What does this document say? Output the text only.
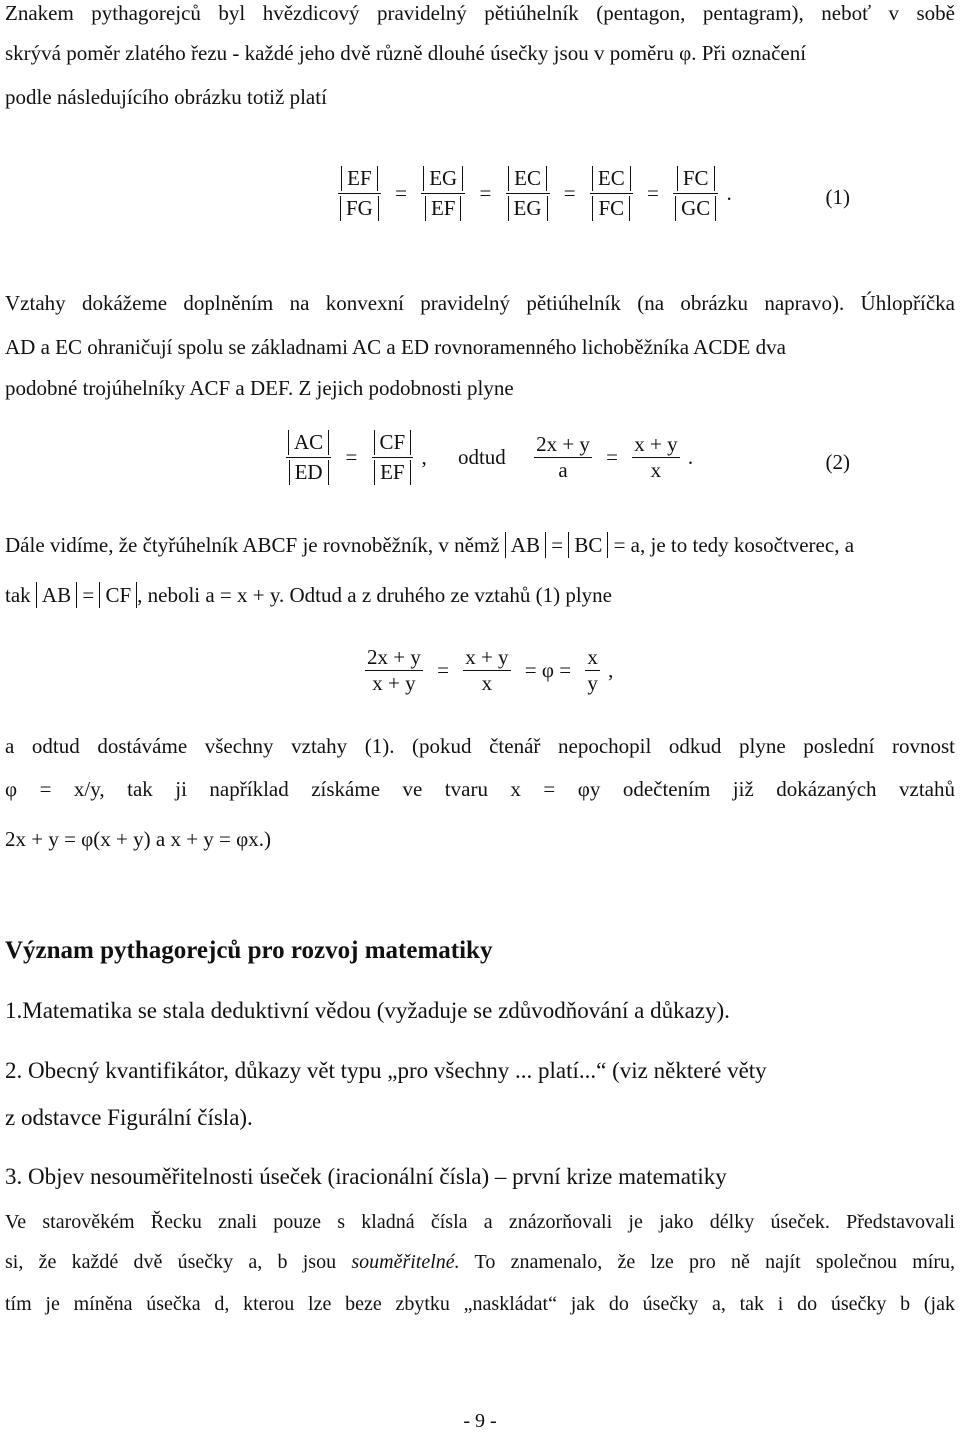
Znakem pythagorejců byl hvězdicový pravidelný pětiúhelník (pentagon, pentagram), neboť v sobě
skrývá poměr zlatého řezu - každé jeho dvě různě dlouhé úsečky jsou v poměru φ. Při označení
podle následujícího obrázku totiž platí
$\frac{EF}{FG} = \frac{EG}{EF} = \frac{EC}{EG} = \frac{EC}{FC} = \frac{FC}{GC}$ .	(1)
Vztahy dokážeme doplněním na konvexní pravidelný pětiúhelník (na obrázku napravo). Úhlopříčka
AD a EC ohraničují spolu se základnami AC a ED rovnoramenného lichoběžníka ACDE dva
podobné trojúhelníky ACF a DEF. Z jejich podobnosti plyne
$\frac{AC}{ED} = \frac{CF}{EF}$ , odtud $\frac{2x + y}{a} = \frac{x + y}{x}$ .	(2)
Dále vidíme, že čtyřúhelník ABCF je rovnoběžník, v němž AB = BC = a, je to tedy kosočtverec, a
tak AB = CF , neboli a = x + y. Odtud a z druhého ze vztahů (1) plyne
$\frac{2x + y}{x + y} = \frac{x + y}{x} = \varphi = \frac{x}{y}$ ,
a odtud dostáváme všechny vztahy (1). (pokud čtenář nepochopil odkud plyne poslední rovnost
φ = x/y, tak ji například získáme ve tvaru x = φy odečtením již dokázaných vztahů
2x + y = φ(x + y) a x + y = φx.)
Význam pythagorejců pro rozvoj matematiky
1.Matematika se stala deduktivní vědou (vyžaduje se zdůvodňování a důkazy).
2. Obecný kvantifikátor, důkazy vět typu „pro všechny ... platí...“ (viz některé věty
z odstavce Figurální čísla).
3. Objev nesouměřitelnosti úseček (iracionální čísla) – první krize matematiky
Ve starověkém Řecku znali pouze s kladná čísla a znázorňovali je jako délky úseček. Představovali
si, že každé dvě úsečky a, b jsou souměřitelné. To znamenalo, že lze pro ně najít společnou míru,
tím je míněna úsečka d, kterou lze beze zbytku „naskládat“ jak do úsečky a, tak i do úsečky b (jak
- 9 -
